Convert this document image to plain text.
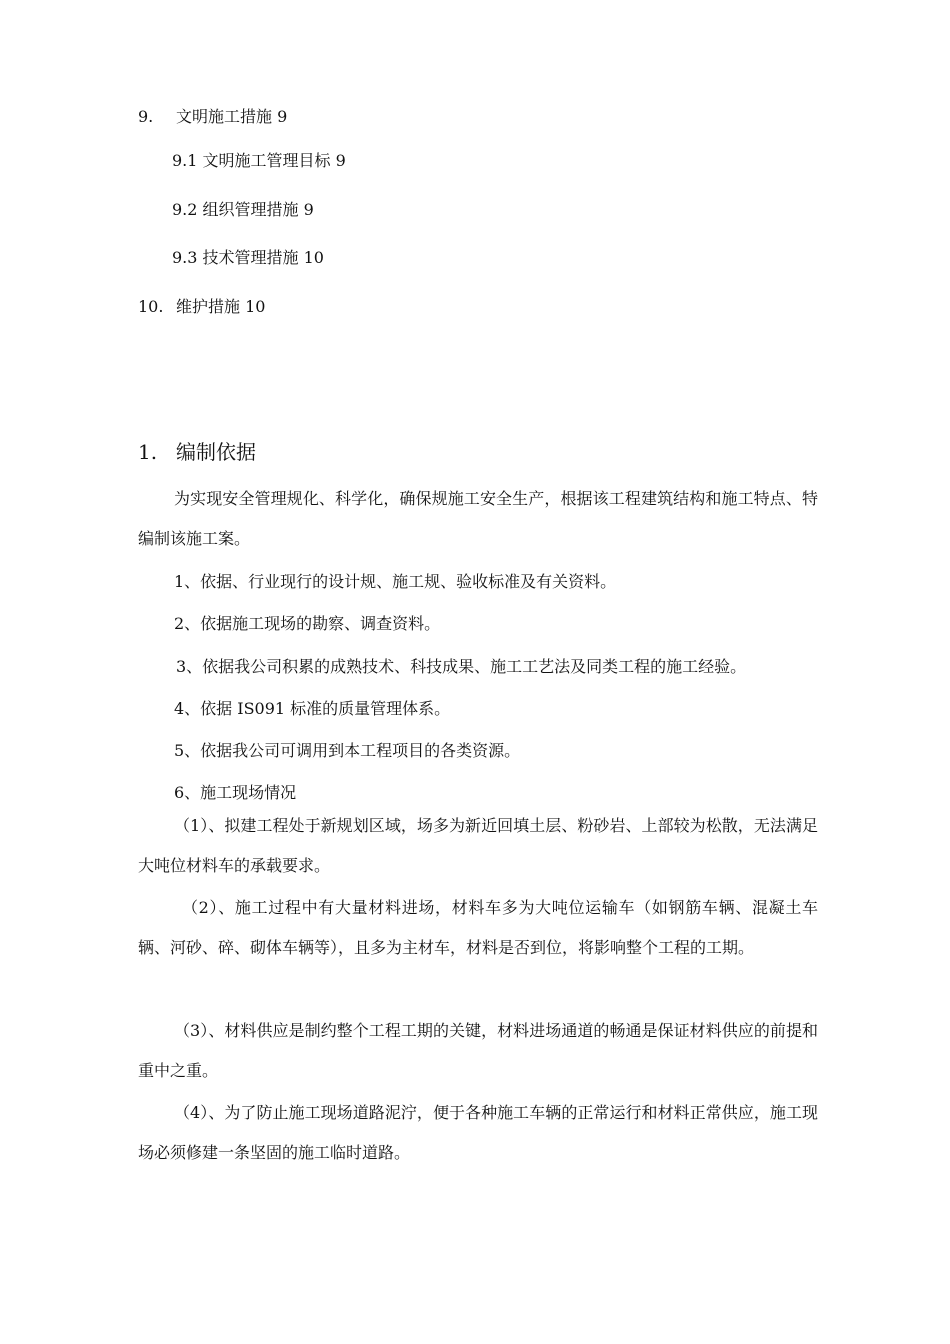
9. 文明施工措施 9
9.1 文明施工管理目标 9
9.2 组织管理措施 9
9.3 技术管理措施 10
10. 维护措施 10
1. 编制依据
为实现安全管理规化、科学化，确保规施工安全生产，根据该工程建筑结构和施工特点、特编制该施工案。
1、依据、行业现行的设计规、施工规、验收标准及有关资料。
2、依据施工现场的勘察、调查资料。
3、依据我公司积累的成熟技术、科技成果、施工工艺法及同类工程的施工经验。
4、依据 IS091 标准的质量管理体系。
5、依据我公司可调用到本工程项目的各类资源。
6、施工现场情况
（1）、拟建工程处于新规划区域，场多为新近回填土层、粉砂岩、上部较为松散，无法满足大吨位材料车的承载要求。
（2）、施工过程中有大量材料进场，材料车多为大吨位运输车（如钢筋车辆、混凝土车辆、河砂、碎、砌体车辆等），且多为主材车，材料是否到位，将影响整个工程的工期。
（3）、材料供应是制约整个工程工期的关键，材料进场通道的畅通是保证材料供应的前提和重中之重。
（4）、为了防止施工现场道路泥泞，便于各种施工车辆的正常运行和材料正常供应，施工现场必须修建一条坚固的施工临时道路。
